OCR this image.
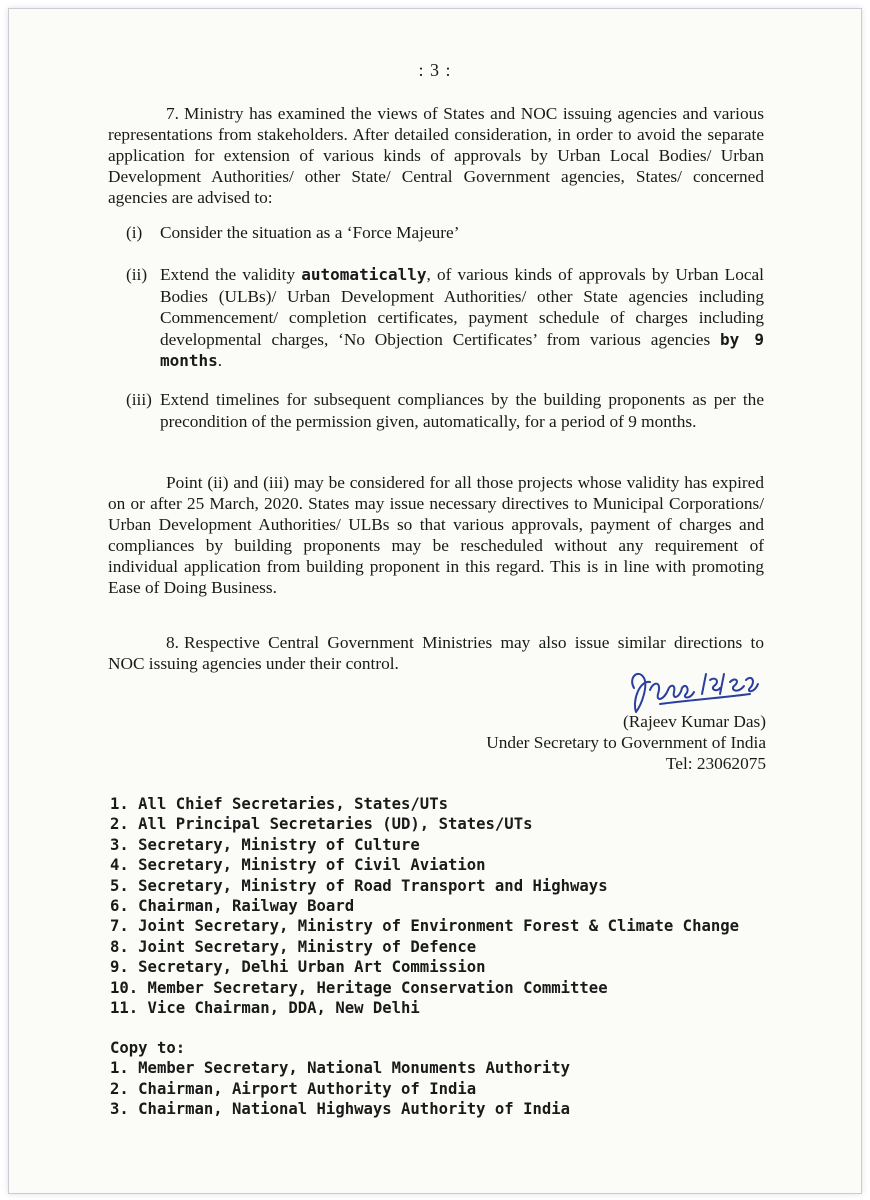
: 3 :
7. Ministry has examined the views of States and NOC issuing agencies and various representations from stakeholders. After detailed consideration, in order to avoid the separate application for extension of various kinds of approvals by Urban Local Bodies/ Urban Development Authorities/ other State/ Central Government agencies, States/ concerned agencies are advised to:
(i) Consider the situation as a ‘Force Majeure’
(ii) Extend the validity automatically, of various kinds of approvals by Urban Local Bodies (ULBs)/ Urban Development Authorities/ other State agencies including Commencement/ completion certificates, payment schedule of charges including developmental charges, ‘No Objection Certificates’ from various agencies by 9 months.
(iii) Extend timelines for subsequent compliances by the building proponents as per the precondition of the permission given, automatically, for a period of 9 months.
Point (ii) and (iii) may be considered for all those projects whose validity has expired on or after 25 March, 2020. States may issue necessary directives to Municipal Corporations/ Urban Development Authorities/ ULBs so that various approvals, payment of charges and compliances by building proponents may be rescheduled without any requirement of individual application from building proponent in this regard. This is in line with promoting Ease of Doing Business.
8. Respective Central Government Ministries may also issue similar directions to NOC issuing agencies under their control.
(Rajeev Kumar Das)
Under Secretary to Government of India
Tel: 23062075
1. All Chief Secretaries, States/UTs
2. All Principal Secretaries (UD), States/UTs
3. Secretary, Ministry of Culture
4. Secretary, Ministry of Civil Aviation
5. Secretary, Ministry of Road Transport and Highways
6. Chairman, Railway Board
7. Joint Secretary, Ministry of Environment Forest & Climate Change
8. Joint Secretary, Ministry of Defence
9. Secretary, Delhi Urban Art Commission
10. Member Secretary, Heritage Conservation Committee
11. Vice Chairman, DDA, New Delhi
Copy to:
1. Member Secretary, National Monuments Authority
2. Chairman, Airport Authority of India
3. Chairman, National Highways Authority of India
